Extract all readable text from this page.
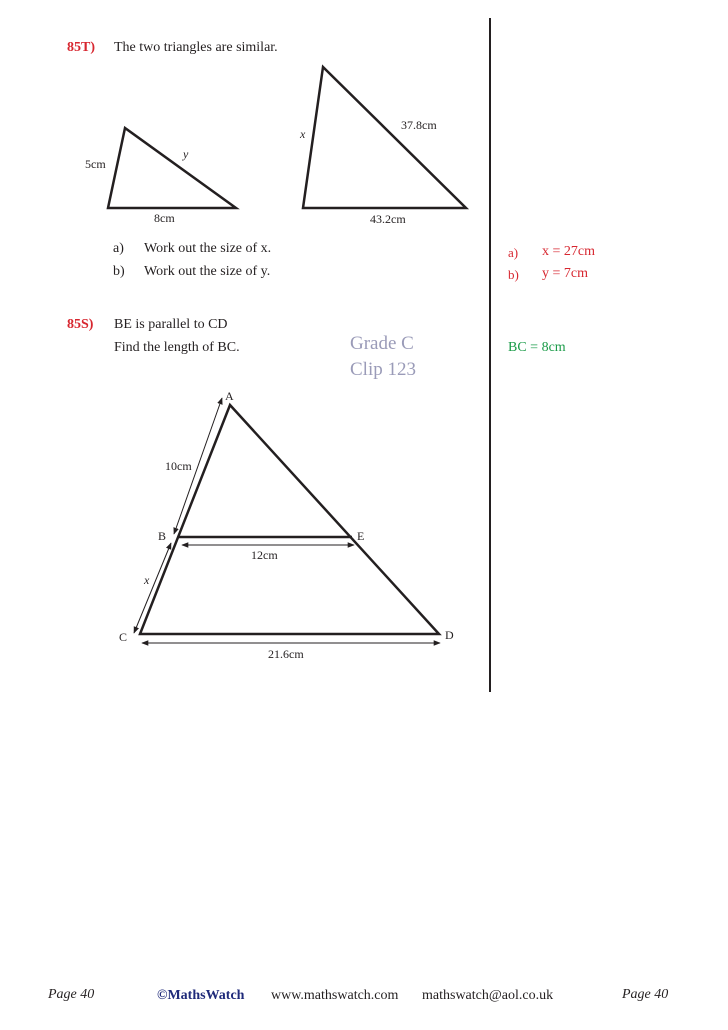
85T) The two triangles are similar.
5cm
y
8cm
x
37.8cm
43.2cm
a) Work out the size of x.
b) Work out the size of y.
a) x = 27cm
b) y = 7cm
85S) BE is parallel to CD
Find the length of BC.	Grade C
Clip 123
BC = 8cm
A
B	E
C	D
10cm
12cm
x
21.6cm
Page 40	©MathsWatch www.mathswatch.com mathswatch@aol.co.uk	Page 40
